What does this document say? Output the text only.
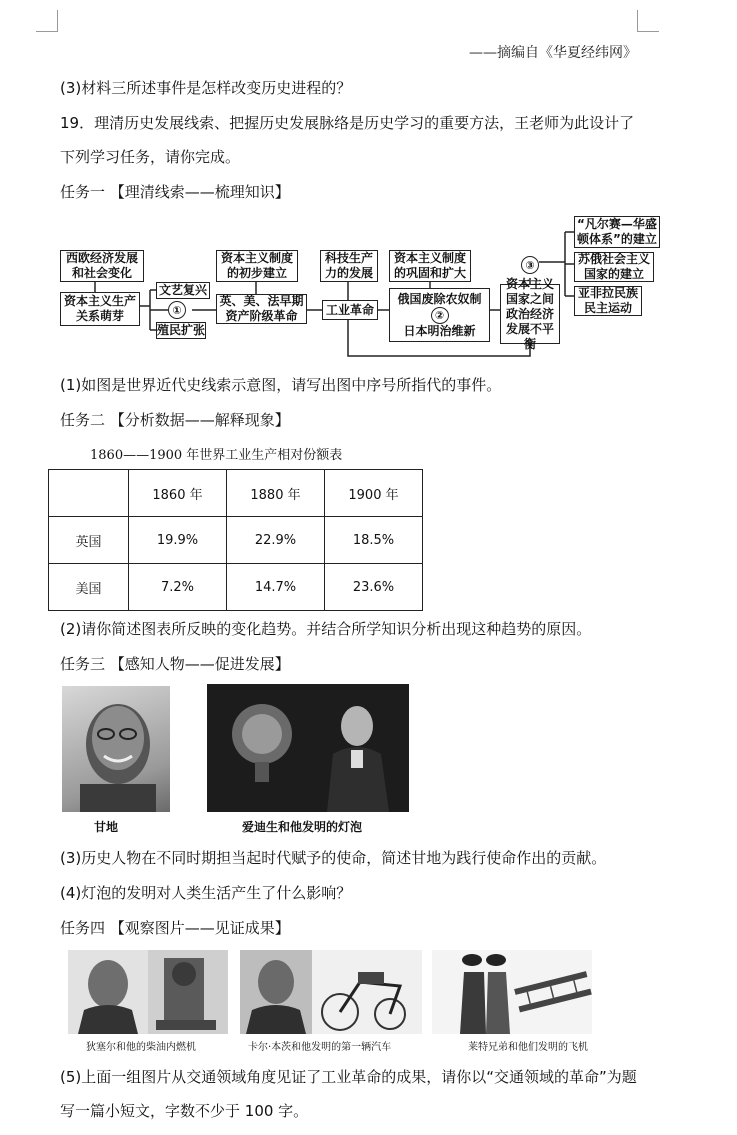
——摘编自《华夏经纬网》
(3)材料三所述事件是怎样改变历史进程的？
19．理清历史发展线索、把握历史发展脉络是历史学习的重要方法，王老师为此设计了
下列学习任务，请你完成。
任务一 【理清线索——梳理知识】
西欧经济发展和社会变化
资本主义生产关系萌芽
文艺复兴
①
殖民扩张
资本主义制度的初步建立
英、美、法早期资产阶级革命
科技生产力的发展
工业革命
资本主义制度的巩固和扩大
俄国废除农奴制
②
日本明治维新
③
资本主义国家之间政治经济发展不平衡
“凡尔赛—华盛顿体系”的建立
苏俄社会主义国家的建立
亚非拉民族民主运动
(1)如图是世界近代史线索示意图，请写出图中序号所指代的事件。
任务二 【分析数据——解释现象】
1860——1900 年世界工业生产相对份额表
	1860 年	1880 年	1900 年
英国	19.9%	22.9%	18.5%
美国	7.2%	14.7%	23.6%
(2)请你简述图表所反映的变化趋势。并结合所学知识分析出现这种趋势的原因。
任务三 【感知人物——促进发展】
甘地	爱迪生和他发明的灯泡
(3)历史人物在不同时期担当起时代赋予的使命，简述甘地为践行使命作出的贡献。
(4)灯泡的发明对人类生活产生了什么影响？
任务四 【观察图片——见证成果】
狄塞尔和他的柴油内燃机	卡尔·本茨和他发明的第一辆汽车	莱特兄弟和他们发明的飞机
(5)上面一组图片从交通领域角度见证了工业革命的成果，请你以“交通领域的革命”为题
写一篇小短文，字数不少于 100 字。
